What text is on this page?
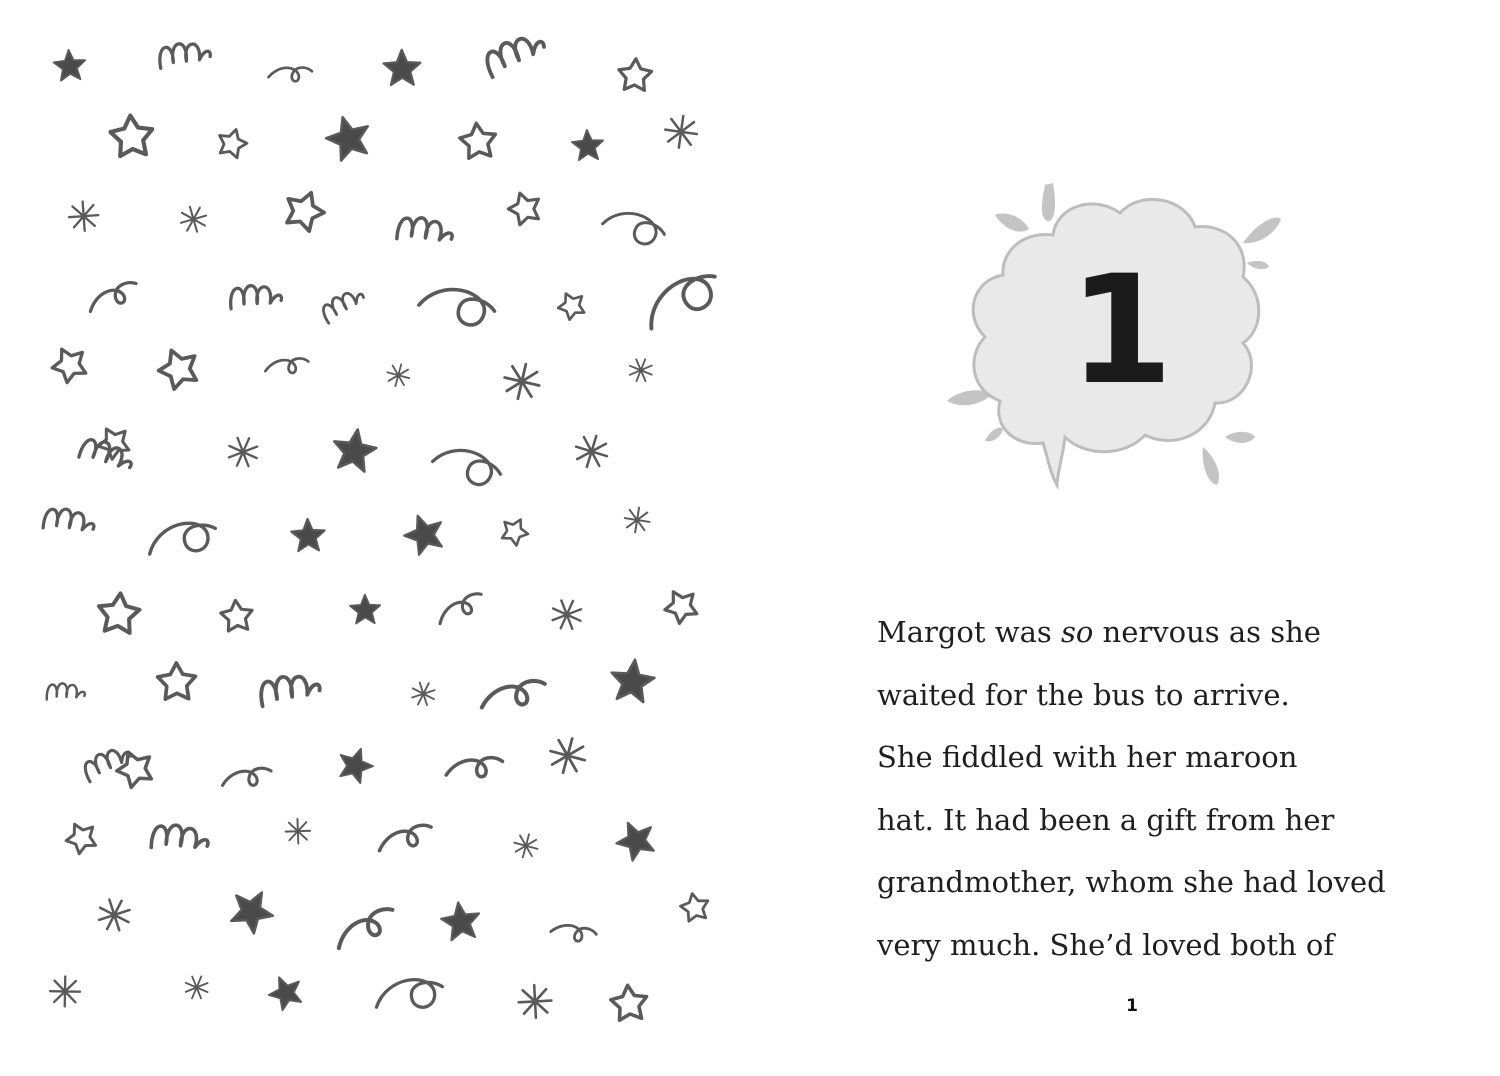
1
Margot was so nervous as she
waited for the bus to arrive.
She fiddled with her maroon
hat. It had been a gift from her
grandmother, whom she had loved
very much. She’d loved both of
1
